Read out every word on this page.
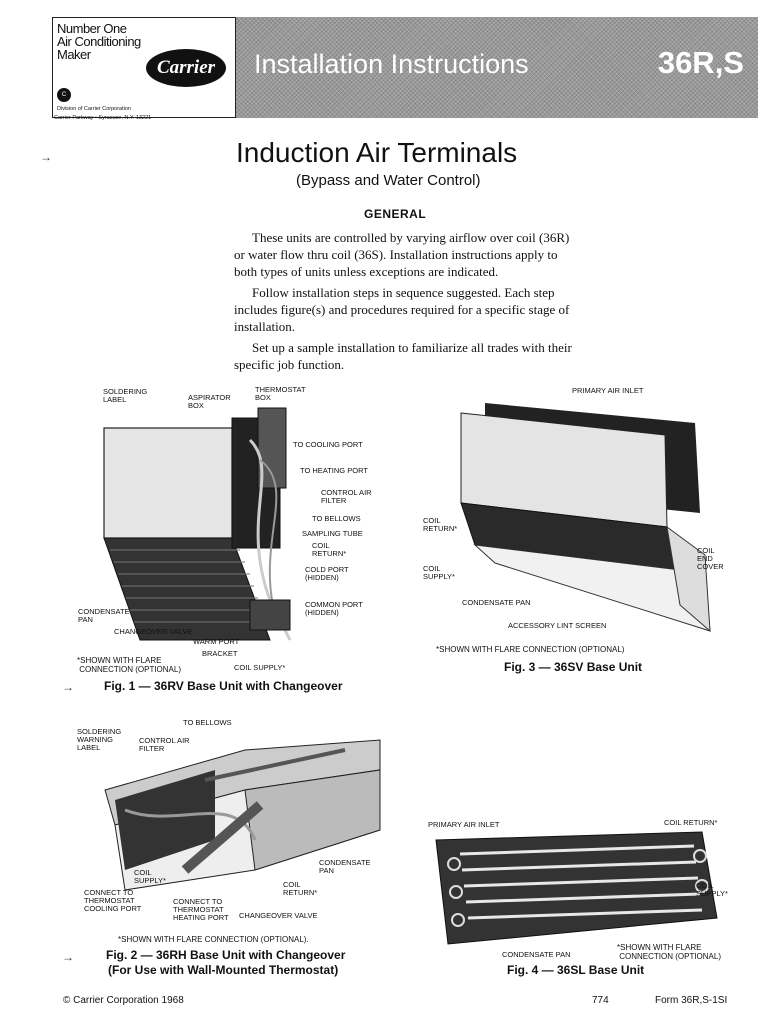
Number One
Air Conditioning
Maker
Carrier
C
Division of Carrier Corporation
Carrier Parkway • Syracuse, N.Y. 13221
Installation Instructions	36R,S
→	Induction Air Terminals
(Bypass and Water Control)
GENERAL
These units are controlled by varying airflow over coil (36R) or water flow thru coil (36S). Installation instructions apply to both types of units unless exceptions are indicated.
Follow installation steps in sequence suggested. Each step includes figure(s) and procedures required for a specific stage of installation.
Set up a sample installation to familiarize all trades with their specific job function.
SOLDERING
LABEL	ASPIRATOR
BOX
THERMOSTAT
BOX
TO COOLING PORT
TO HEATING PORT
CONTROL AIR
FILTER
TO BELLOWS
SAMPLING TUBE
COIL
RETURN*
COLD PORT
(HIDDEN)
CONDENSATE
PAN
COMMON PORT
(HIDDEN)
CHANGEOVER VALVE
WARM PORT
BRACKET
COIL SUPPLY*
*SHOWN WITH FLARE
CONNECTION (OPTIONAL)
→	Fig. 1 — 36RV Base Unit with Changeover
PRIMARY AIR INLET
COIL
RETURN*
COIL
SUPPLY*
COIL
END
COVER
CONDENSATE PAN
ACCESSORY LINT SCREEN
*SHOWN WITH FLARE CONNECTION (OPTIONAL)
Fig. 3 — 36SV Base Unit
TO BELLOWS
SOLDERING
WARNING
LABEL
CONTROL AIR
FILTER
CONDENSATE
PAN
COIL
SUPPLY*	COIL
RETURN*
CONNECT TO
THERMOSTAT
COOLING PORT
CONNECT TO
THERMOSTAT
HEATING PORT CHANGEOVER VALVE
*SHOWN WITH FLARE CONNECTION (OPTIONAL).
→	Fig. 2 — 36RH Base Unit with Changeover
(For Use with Wall-Mounted Thermostat)
PRIMARY AIR INLET	COIL RETURN*
COIL
SUPPLY*
CONDENSATE PAN
*SHOWN WITH FLARE
CONNECTION (OPTIONAL)
Fig. 4 — 36SL Base Unit
© Carrier Corporation 1968	774	Form 36R,S-1SI
